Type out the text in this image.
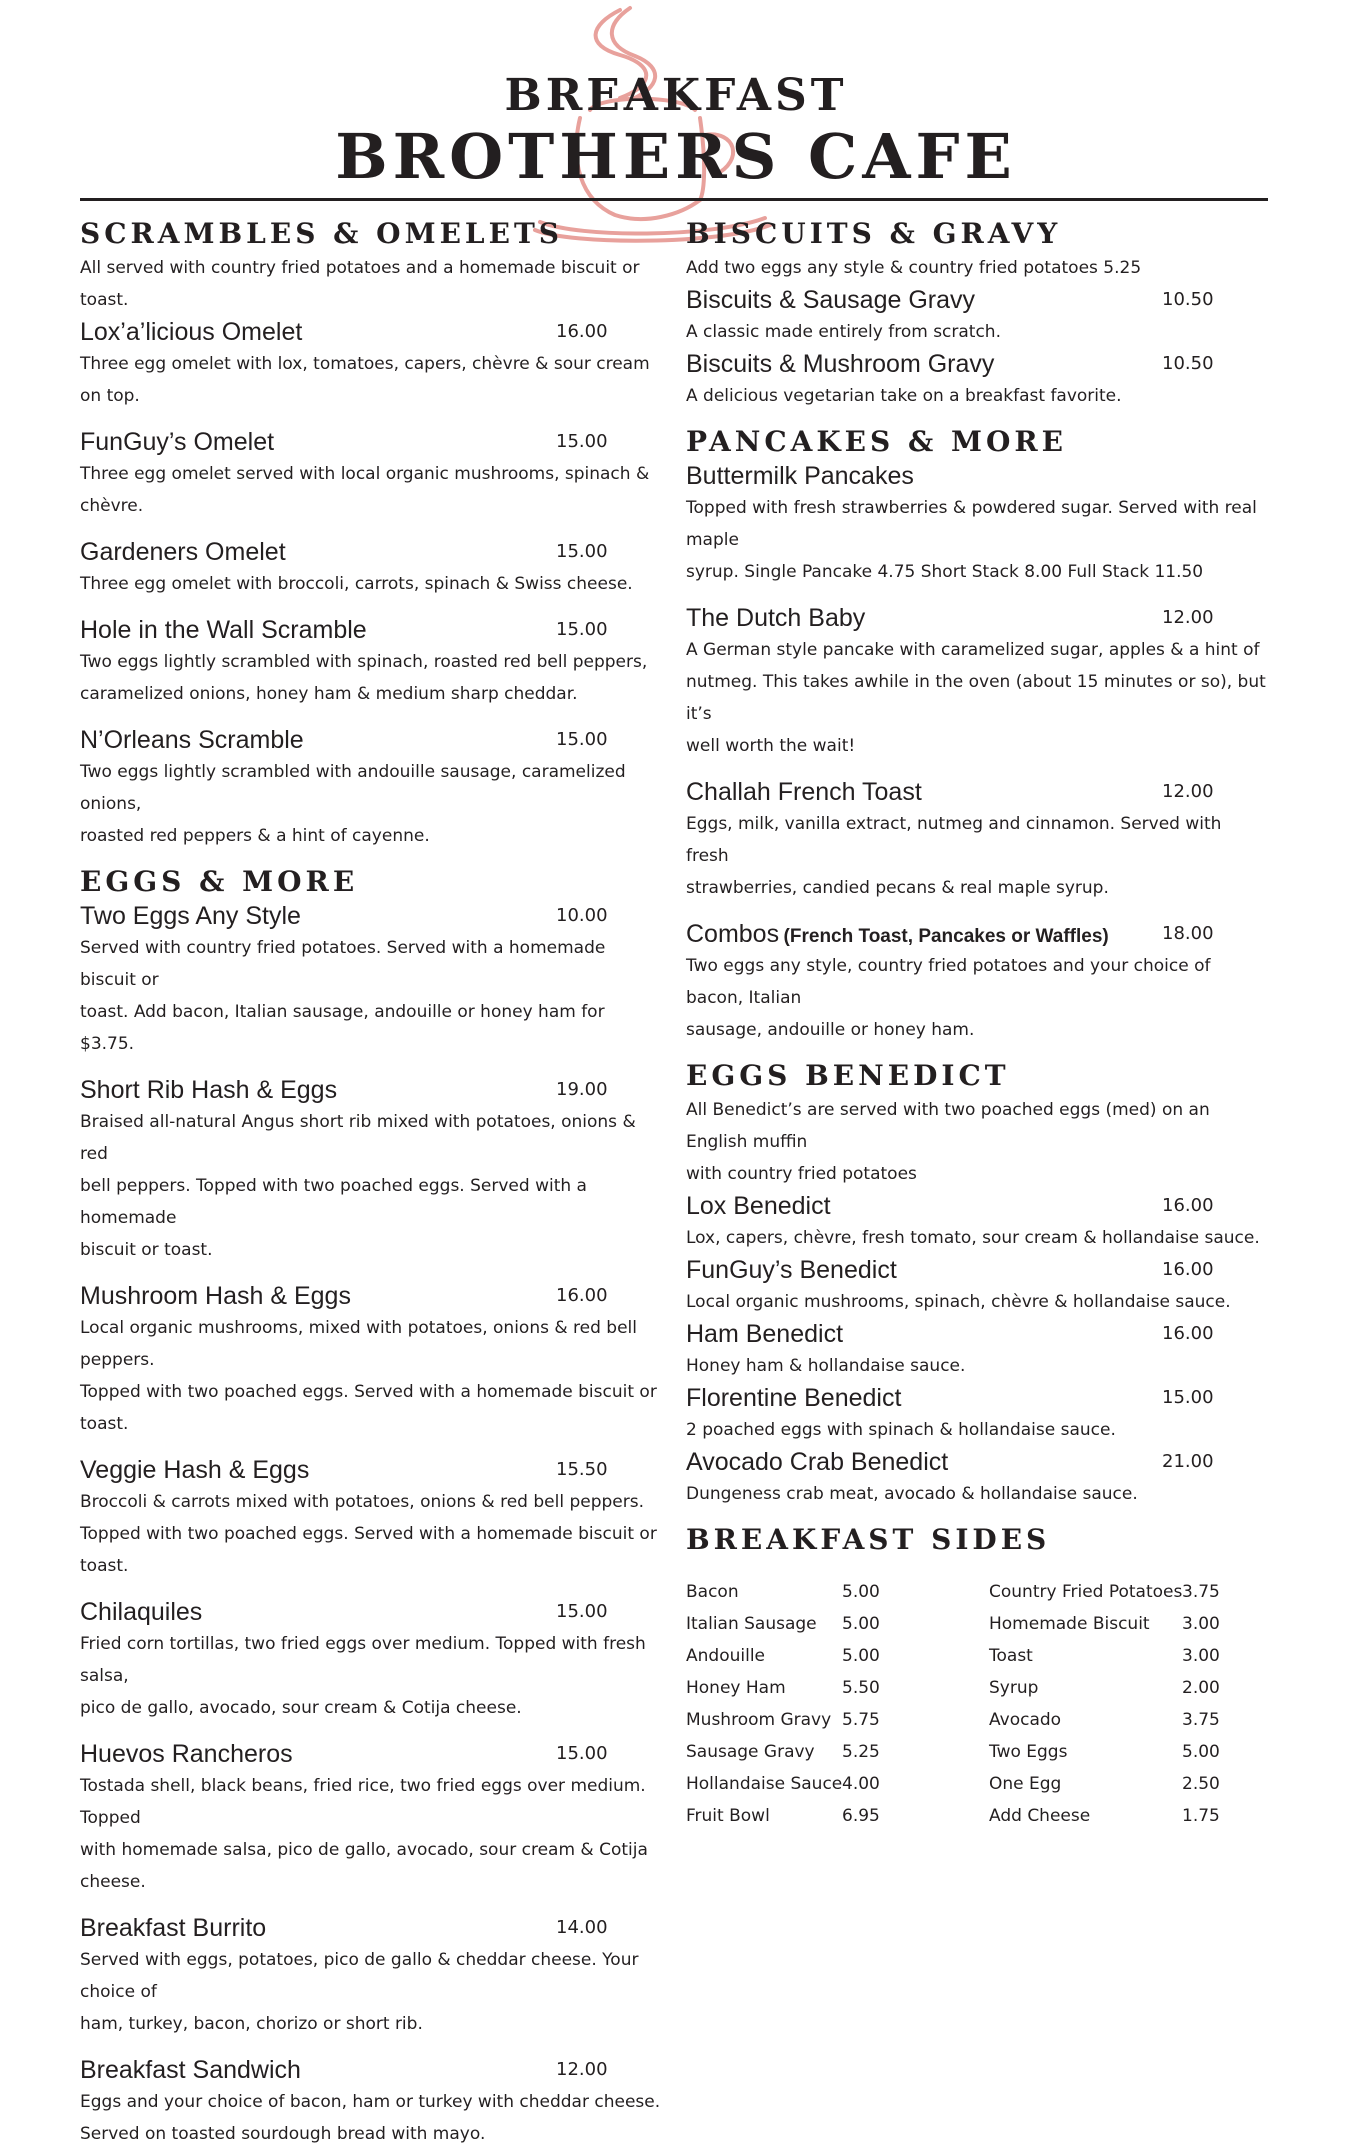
BREAKFAST
BROTHERS CAFE
SCRAMBLES & OMELETS
All served with country fried potatoes and a homemade biscuit or toast.
Lox’a’licious Omelet	16.00
Three egg omelet with lox, tomatoes, capers, chèvre & sour cream on top.
FunGuy’s Omelet	15.00
Three egg omelet served with local organic mushrooms, spinach & chèvre.
Gardeners Omelet	15.00
Three egg omelet with broccoli, carrots, spinach & Swiss cheese.
Hole in the Wall Scramble	15.00
Two eggs lightly scrambled with spinach, roasted red bell peppers,
caramelized onions, honey ham & medium sharp cheddar.
N’Orleans Scramble	15.00
Two eggs lightly scrambled with andouille sausage, caramelized onions,
roasted red peppers & a hint of cayenne.
EGGS & MORE
Two Eggs Any Style	10.00
Served with country fried potatoes. Served with a homemade biscuit or
toast. Add bacon, Italian sausage, andouille or honey ham for $3.75.
Short Rib Hash & Eggs	19.00
Braised all-natural Angus short rib mixed with potatoes, onions & red
bell peppers. Topped with two poached eggs. Served with a homemade
biscuit or toast.
Mushroom Hash & Eggs	16.00
Local organic mushrooms, mixed with potatoes, onions & red bell peppers.
Topped with two poached eggs. Served with a homemade biscuit or toast.
Veggie Hash & Eggs	15.50
Broccoli & carrots mixed with potatoes, onions & red bell peppers.
Topped with two poached eggs. Served with a homemade biscuit or toast.
Chilaquiles	15.00
Fried corn tortillas, two fried eggs over medium. Topped with fresh salsa,
pico de gallo, avocado, sour cream & Cotija cheese.
Huevos Rancheros	15.00
Tostada shell, black beans, fried rice, two fried eggs over medium. Topped
with homemade salsa, pico de gallo, avocado, sour cream & Cotija cheese.
Breakfast Burrito	14.00
Served with eggs, potatoes, pico de gallo & cheddar cheese. Your choice of
ham, turkey, bacon, chorizo or short rib.
Breakfast Sandwich	12.00
Eggs and your choice of bacon, ham or turkey with cheddar cheese.
Served on toasted sourdough bread with mayo.
BISCUITS & GRAVY
Add two eggs any style & country fried potatoes 5.25
Biscuits & Sausage Gravy	10.50
A classic made entirely from scratch.
Biscuits & Mushroom Gravy	10.50
A delicious vegetarian take on a breakfast favorite.
PANCAKES & MORE
Buttermilk Pancakes
Topped with fresh strawberries & powdered sugar. Served with real maple
syrup. Single Pancake 4.75 Short Stack 8.00 Full Stack 11.50
The Dutch Baby	12.00
A German style pancake with caramelized sugar, apples & a hint of
nutmeg. This takes awhile in the oven (about 15 minutes or so), but it’s
well worth the wait!
Challah French Toast	12.00
Eggs, milk, vanilla extract, nutmeg and cinnamon. Served with fresh
strawberries, candied pecans & real maple syrup.
Combos (French Toast, Pancakes or Waffles)	18.00
Two eggs any style, country fried potatoes and your choice of bacon, Italian
sausage, andouille or honey ham.
EGGS BENEDICT
All Benedict’s are served with two poached eggs (med) on an English muffin
with country fried potatoes
Lox Benedict	16.00
Lox, capers, chèvre, fresh tomato, sour cream & hollandaise sauce.
FunGuy’s Benedict	16.00
Local organic mushrooms, spinach, chèvre & hollandaise sauce.
Ham Benedict	16.00
Honey ham & hollandaise sauce.
Florentine Benedict	15.00
2 poached eggs with spinach & hollandaise sauce.
Avocado Crab Benedict	21.00
Dungeness crab meat, avocado & hollandaise sauce.
BREAKFAST SIDES
Bacon	5.00	Country Fried Potatoes 3.75
Italian Sausage 5.00	Homemade Biscuit 3.00
Andouille	5.00	Toast	3.00
Honey Ham	5.50	Syrup	2.00
Mushroom Gravy 5.75	Avocado	3.75
Sausage Gravy 5.25	Two Eggs	5.00
Hollandaise Sauce 4.00	One Egg	2.50
Fruit Bowl	6.95	Add Cheese	1.75
